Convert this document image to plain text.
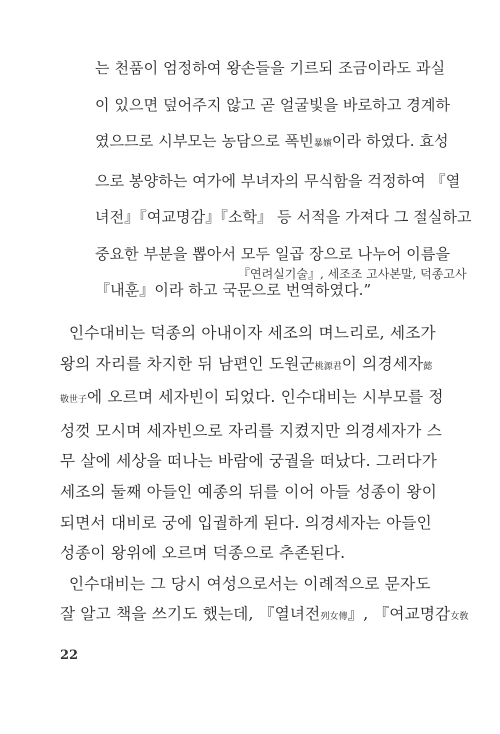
는 천품이 엄정하여 왕손들을 기르되 조금이라도 과실
이 있으면 덮어주지 않고 곧 얼굴빛을 바로하고 경계하
였으므로 시부모는 농담으로 폭빈暴嬪이라 하였다. 효성
으로 봉양하는 여가에 부녀자의 무식함을 걱정하여 『열
녀전』『여교명감』『소학』 등 서적을 가져다 그 절실하고
중요한 부분을 뽑아서 모두 일곱 장으로 나누어 이름을
『내훈』이라 하고 국문으로 번역하였다.”
『연려실기술』, 세조조 고사본말, 덕종고사
인수대비는 덕종의 아내이자 세조의 며느리로, 세조가
왕의 자리를 차지한 뒤 남편인 도원군桃源君이 의경세자懿
敬世子에 오르며 세자빈이 되었다. 인수대비는 시부모를 정
성껏 모시며 세자빈으로 자리를 지켰지만 의경세자가 스
무 살에 세상을 떠나는 바람에 궁궐을 떠났다. 그러다가
세조의 둘째 아들인 예종의 뒤를 이어 아들 성종이 왕이
되면서 대비로 궁에 입궐하게 된다. 의경세자는 아들인
성종이 왕위에 오르며 덕종으로 추존된다.
인수대비는 그 당시 여성으로서는 이례적으로 문자도
잘 알고 책을 쓰기도 했는데, 『열녀전列女傳』, 『여교명감女敎
22
